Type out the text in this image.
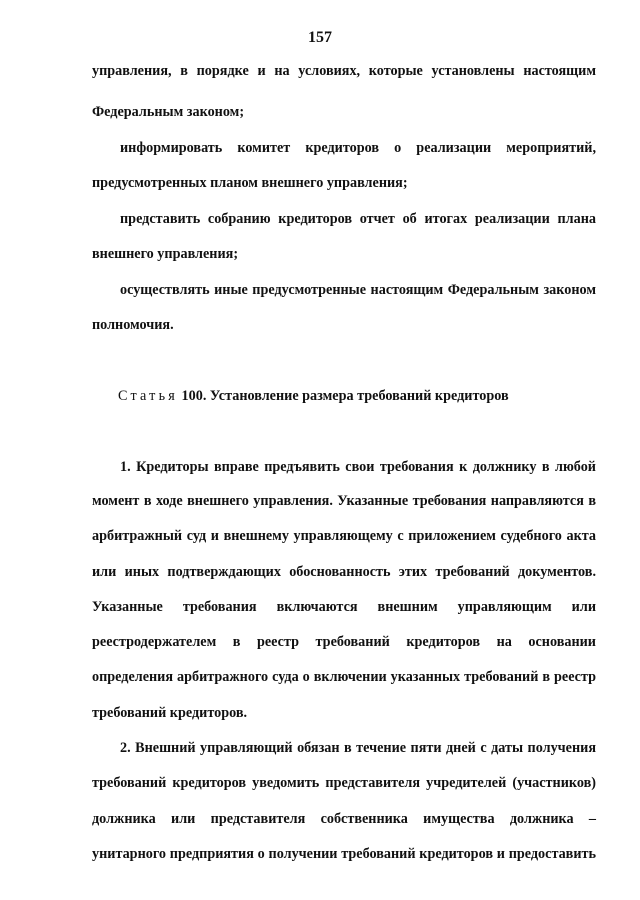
157
управления, в порядке и на условиях, которые установлены настоящим
Федеральным законом;
информировать комитет кредиторов о реализации мероприятий,
предусмотренных планом внешнего управления;
представить собранию кредиторов отчет об итогах реализации плана
внешнего управления;
осуществлять иные предусмотренные настоящим Федеральным законом
полномочия.
Статья 100. Установление размера требований кредиторов
1. Кредиторы вправе предъявить свои требования к должнику в любой
момент в ходе внешнего управления. Указанные требования направляются в
арбитражный суд и внешнему управляющему с приложением судебного акта
или иных подтверждающих обоснованность этих требований документов.
Указанные требования включаются внешним управляющим или
реестродержателем в реестр требований кредиторов на основании
определения арбитражного суда о включении указанных требований в реестр
требований кредиторов.
2. Внешний управляющий обязан в течение пяти дней с даты получения
требований кредиторов уведомить представителя учредителей (участников)
должника или представителя собственника имущества должника –
унитарного предприятия о получении требований кредиторов и предоставить
